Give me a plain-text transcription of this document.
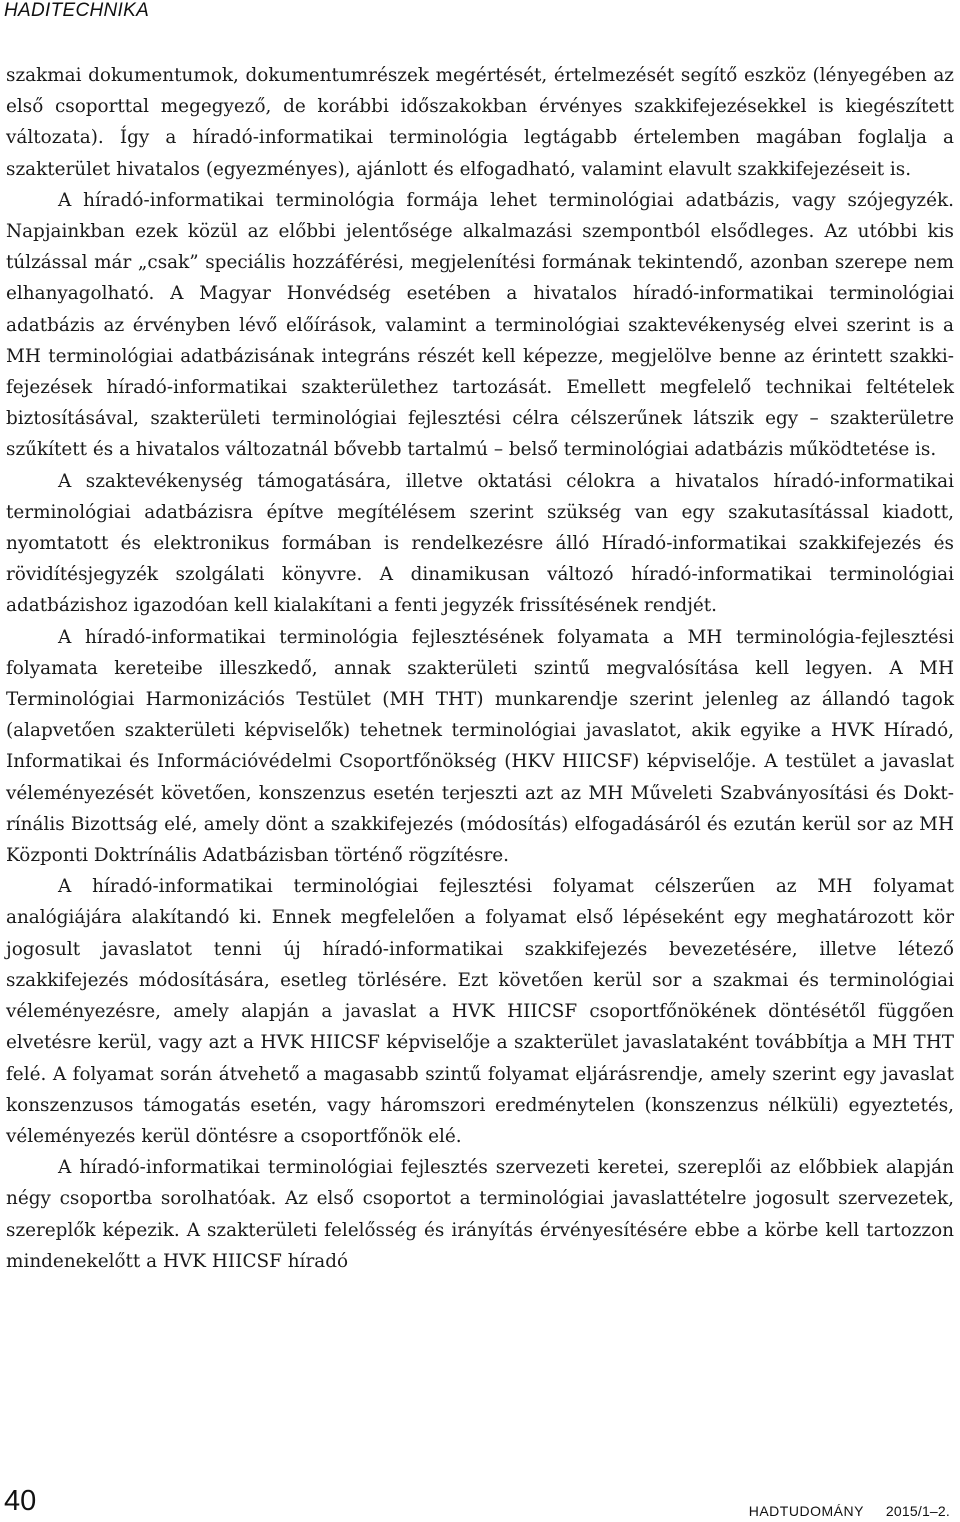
HADITECHNIKA

szakmai dokumentumok, dokumentumrészek megértését, értelmezését segítő eszköz (lényegében az első csoporttal megegyező, de korábbi időszakokban érvényes szakkifejezésekkel is kiegészített változata). Így a híradó-informatikai terminológia legtágabb értelemben magában foglalja a szakterület hivatalos (egyezményes), ajánlott és elfogadható, valamint elavult szakkifejezéseit is.

A híradó-informatikai terminológia formája lehet terminológiai adatbázis, vagy szójegyzék. Napjainkban ezek közül az előbbi jelentősége alkalmazási szempontból elsődleges. Az utóbbi kis túlzással már „csak” speciális hozzáférési, megjelenítési formának tekintendő, azonban szerepe nem elhanyagolható. A Magyar Honvédség esetében a hivatalos híradó-informatikai terminológiai adatbázis az érvényben lévő előírások, valamint a terminológiai szaktevékenység elvei szerint is a MH terminológiai adatbázisának integráns részét kell képezze, megjelölve benne az érintett szakkifejezések híradó-informatikai szakterülethez tartozását. Emellett megfelelő technikai feltételek biztosításával, szakterületi terminológiai fejlesztési célra célszerűnek látszik egy – szakterületre szűkített és a hivatalos változatnál bővebb tartalmú – belső terminológiai adatbázis működtetése is.

A szaktevékenység támogatására, illetve oktatási célokra a hivatalos híradó-informatikai terminológiai adatbázisra építve megítélésem szerint szükség van egy szakutasítással kiadott, nyomtatott és elektronikus formában is rendelkezésre álló Híradó-informatikai szakkifejezés és rövidítésjegyzék szolgálati könyvre. A dinamikusan változó híradó-informatikai terminológiai adatbázishoz igazodóan kell kialakítani a fenti jegyzék frissítésének rendjét.

A híradó-informatikai terminológia fejlesztésének folyamata a MH terminológia-fejlesztési folyamata kereteibe illeszkedő, annak szakterületi szintű megvalósítása kell legyen. A MH Terminológiai Harmonizációs Testület (MH THT) munkarendje szerint jelenleg az állandó tagok (alapvetően szakterületi képviselők) tehetnek terminológiai javaslatot, akik egyike a HVK Híradó, Informatikai és Információvédelmi Csoportfőnökség (HKV HIICSF) képviselője. A testület a javaslat véleményezését követően, konszenzus esetén terjeszti azt az MH Műveleti Szabványosítási és Doktrínális Bizottság elé, amely dönt a szakkifejezés (módosítás) elfogadásáról és ezután kerül sor az MH Központi Doktrínális Adatbázisban történő rögzítésre.

A híradó-informatikai terminológiai fejlesztési folyamat célszerűen az MH folyamat analógiájára alakítandó ki. Ennek megfelelően a folyamat első lépéseként egy meghatározott kör jogosult javaslatot tenni új híradó-informatikai szakkifejezés bevezetésére, illetve létező szakkifejezés módosítására, esetleg törlésére. Ezt követően kerül sor a szakmai és terminológiai véleményezésre, amely alapján a javaslat a HVK HIICSF csoportfőnökének döntésétől függően elvetésre kerül, vagy azt a HVK HIICSF képviselője a szakterület javaslataként továbbítja a MH THT felé. A folyamat során átvehető a magasabb szintű folyamat eljárásrendje, amely szerint egy javaslat konszenzusos támogatás esetén, vagy háromszori eredménytelen (konszenzus nélküli) egyeztetés, véleményezés kerül döntésre a csoportfőnök elé.

A híradó-informatikai terminológiai fejlesztés szervezeti keretei, szereplői az előbbiek alapján négy csoportba sorolhatóak. Az első csoportot a terminológiai javaslattételre jogosult szervezetek, szereplők képezik. A szakterületi felelősség és irányítás érvényesítésére ebbe a körbe kell tartozzon mindenekelőtt a HVK HIICSF híradó

40	HADTUDOMÁNY 2015/1–2.
